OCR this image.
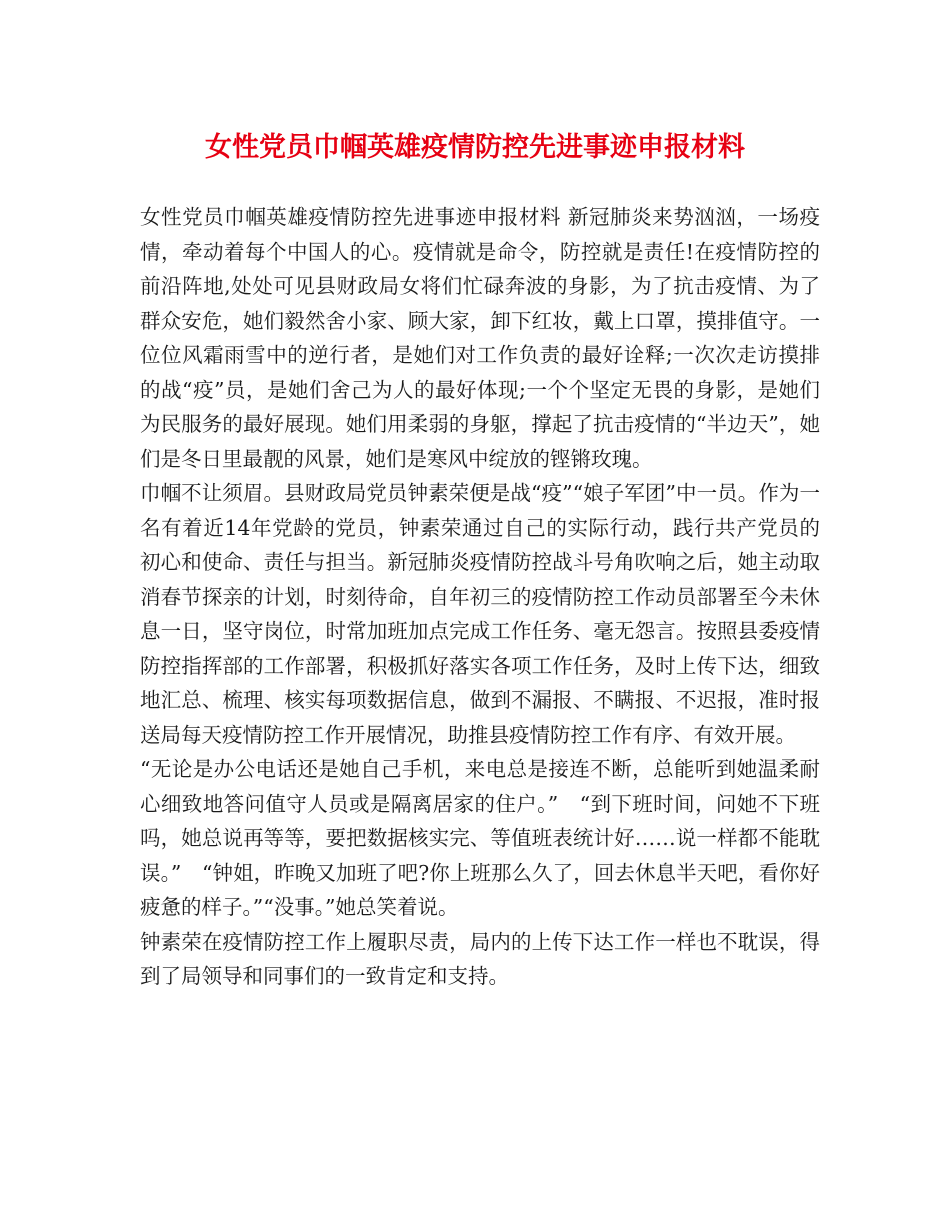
女性党员巾帼英雄疫情防控先进事迹申报材料

女性党员巾帼英雄疫情防控先进事迹申报材料 新冠肺炎来势汹汹，一场疫情，牵动着每个中国人的心。疫情就是命令，防控就是责任!在疫情防控的前沿阵地,处处可见县财政局女将们忙碌奔波的身影，为了抗击疫情、为了群众安危，她们毅然舍小家、顾大家，卸下红妆，戴上口罩，摸排值守。一位位风霜雨雪中的逆行者，是她们对工作负责的最好诠释;一次次走访摸排的战“疫”员，是她们舍己为人的最好体现;一个个坚定无畏的身影，是她们为民服务的最好展现。她们用柔弱的身躯，撑起了抗击疫情的“半边天”，她们是冬日里最靓的风景，她们是寒风中绽放的铿锵玫瑰。

巾帼不让须眉。县财政局党员钟素荣便是战“疫”“娘子军团”中一员。作为一名有着近14年党龄的党员，钟素荣通过自己的实际行动，践行共产党员的初心和使命、责任与担当。新冠肺炎疫情防控战斗号角吹响之后，她主动取消春节探亲的计划，时刻待命，自年初三的疫情防控工作动员部署至今未休息一日，坚守岗位，时常加班加点完成工作任务、毫无怨言。按照县委疫情防控指挥部的工作部署，积极抓好落实各项工作任务，及时上传下达，细致地汇总、梳理、核实每项数据信息，做到不漏报、不瞒报、不迟报，准时报送局每天疫情防控工作开展情况，助推县疫情防控工作有序、有效开展。

“无论是办公电话还是她自己手机，来电总是接连不断，总能听到她温柔耐心细致地答问值守人员或是隔离居家的住户。”　“到下班时间，问她不下班吗，她总说再等等，要把数据核实完、等值班表统计好……说一样都不能耽误。”　“钟姐，昨晚又加班了吧?你上班那么久了，回去休息半天吧，看你好疲惫的样子。”“没事。”她总笑着说。

钟素荣在疫情防控工作上履职尽责，局内的上传下达工作一样也不耽误，得到了局领导和同事们的一致肯定和支持。
